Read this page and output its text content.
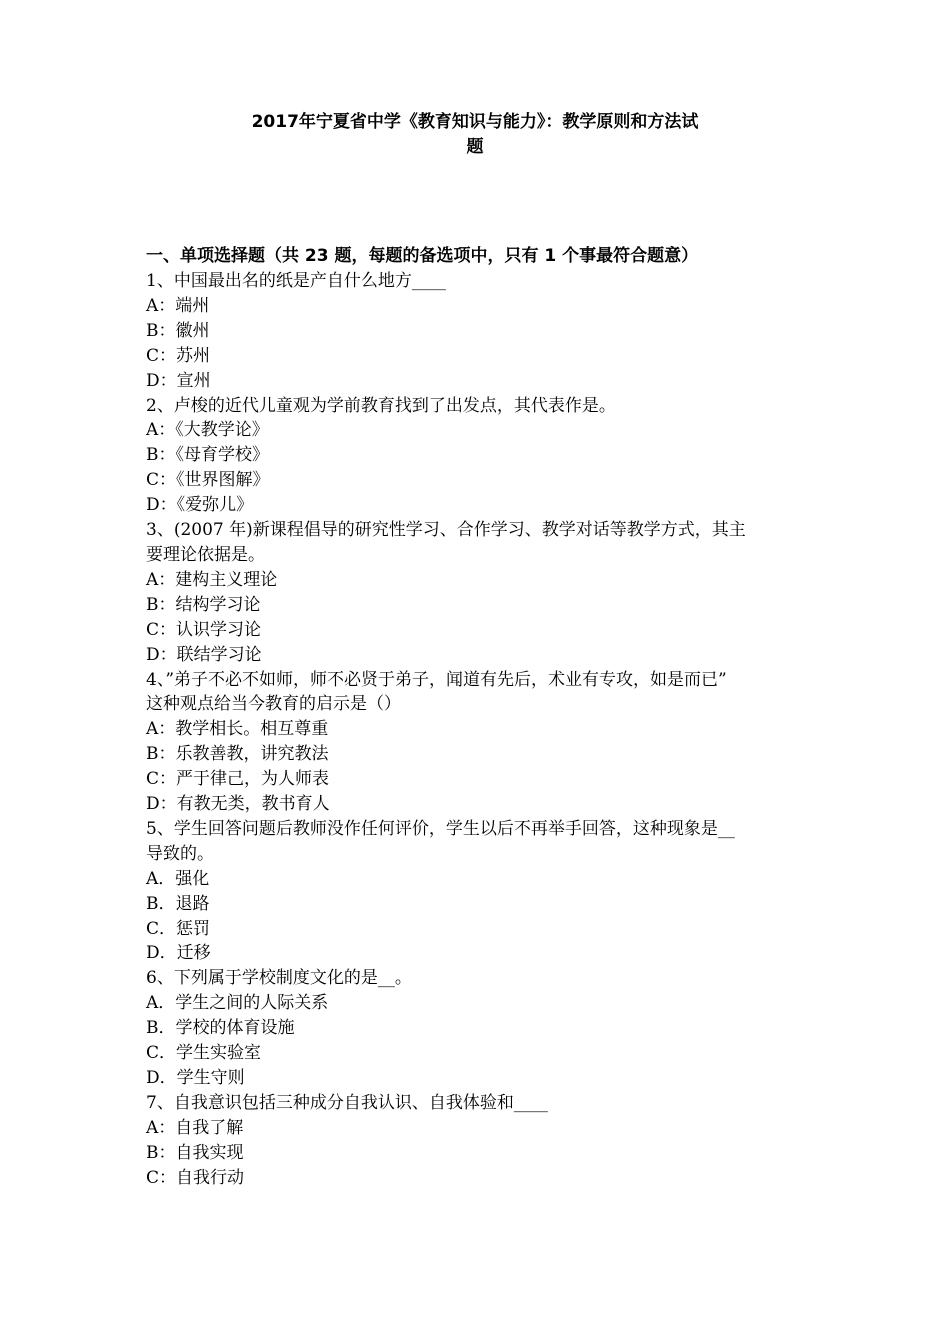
2017年宁夏省中学《教育知识与能力》：教学原则和方法试
题
一、单项选择题（共 23 题，每题的备选项中，只有 1 个事最符合题意）
1、中国最出名的纸是产自什么地方____
A：端州
B：徽州
C：苏州
D：宣州
2、卢梭的近代儿童观为学前教育找到了出发点，其代表作是。
A：《大教学论》
B：《母育学校》
C：《世界图解》
D：《爱弥儿》
3、(2007 年)新课程倡导的研究性学习、合作学习、教学对话等教学方式，其主
要理论依据是。
A：建构主义理论
B：结构学习论
C：认识学习论
D：联结学习论
4、”弟子不必不如师，师不必贤于弟子，闻道有先后，术业有专攻，如是而已”
这种观点给当今教育的启示是（）
A：教学相长。相互尊重
B：乐教善教，讲究教法
C：严于律己，为人师表
D：有教无类，教书育人
5、学生回答问题后教师没作任何评价，学生以后不再举手回答，这种现象是__
导致的。
A．强化
B．退路
C．惩罚
D．迁移
6、下列属于学校制度文化的是__。
A．学生之间的人际关系
B．学校的体育设施
C．学生实验室
D．学生守则
7、自我意识包括三种成分自我认识、自我体验和____
A：自我了解
B：自我实现
C：自我行动
